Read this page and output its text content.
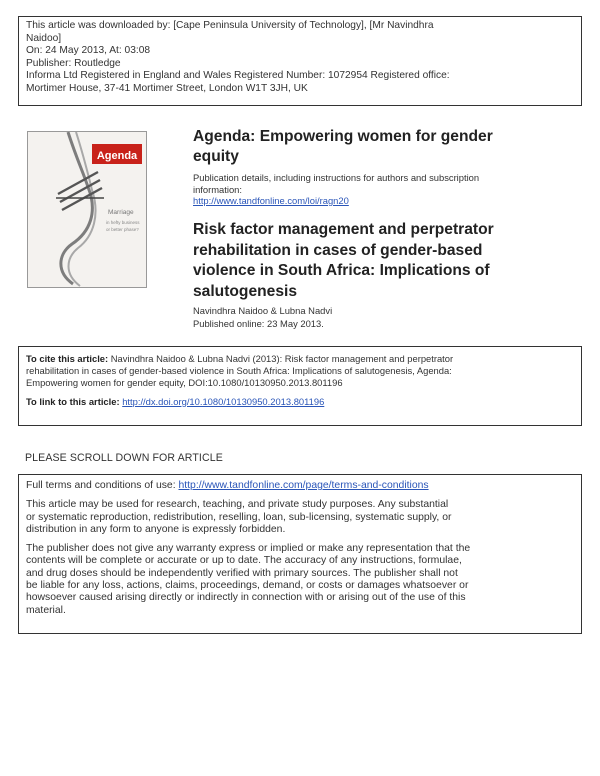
This article was downloaded by: [Cape Peninsula University of Technology], [Mr Navindhra
Naidoo]
On: 24 May 2013, At: 03:08
Publisher: Routledge
Informa Ltd Registered in England and Wales Registered Number: 1072954 Registered office:
Mortimer House, 37-41 Mortimer Street, London W1T 3JH, UK
Agenda
Marriage
in hefty business
or better phase?
Agenda: Empowering women for gender
equity
Publication details, including instructions for authors and subscription
information:
http://www.tandfonline.com/loi/ragn20
Risk factor management and perpetrator
rehabilitation in cases of gender-based
violence in South Africa: Implications of
salutogenesis
Navindhra Naidoo & Lubna Nadvi
Published online: 23 May 2013.
To cite this article: Navindhra Naidoo & Lubna Nadvi (2013): Risk factor management and perpetrator
rehabilitation in cases of gender-based violence in South Africa: Implications of salutogenesis, Agenda:
Empowering women for gender equity, DOI:10.1080/10130950.2013.801196
To link to this article: http://dx.doi.org/10.1080/10130950.2013.801196
PLEASE SCROLL DOWN FOR ARTICLE

Full terms and conditions of use: http://www.tandfonline.com/page/terms-and-conditions

This article may be used for research, teaching, and private study purposes. Any substantial
or systematic reproduction, redistribution, reselling, loan, sub-licensing, systematic supply, or
distribution in any form to anyone is expressly forbidden.

The publisher does not give any warranty express or implied or make any representation that the
contents will be complete or accurate or up to date. The accuracy of any instructions, formulae,
and drug doses should be independently verified with primary sources. The publisher shall not
be liable for any loss, actions, claims, proceedings, demand, or costs or damages whatsoever or
howsoever caused arising directly or indirectly in connection with or arising out of the use of this
material.
